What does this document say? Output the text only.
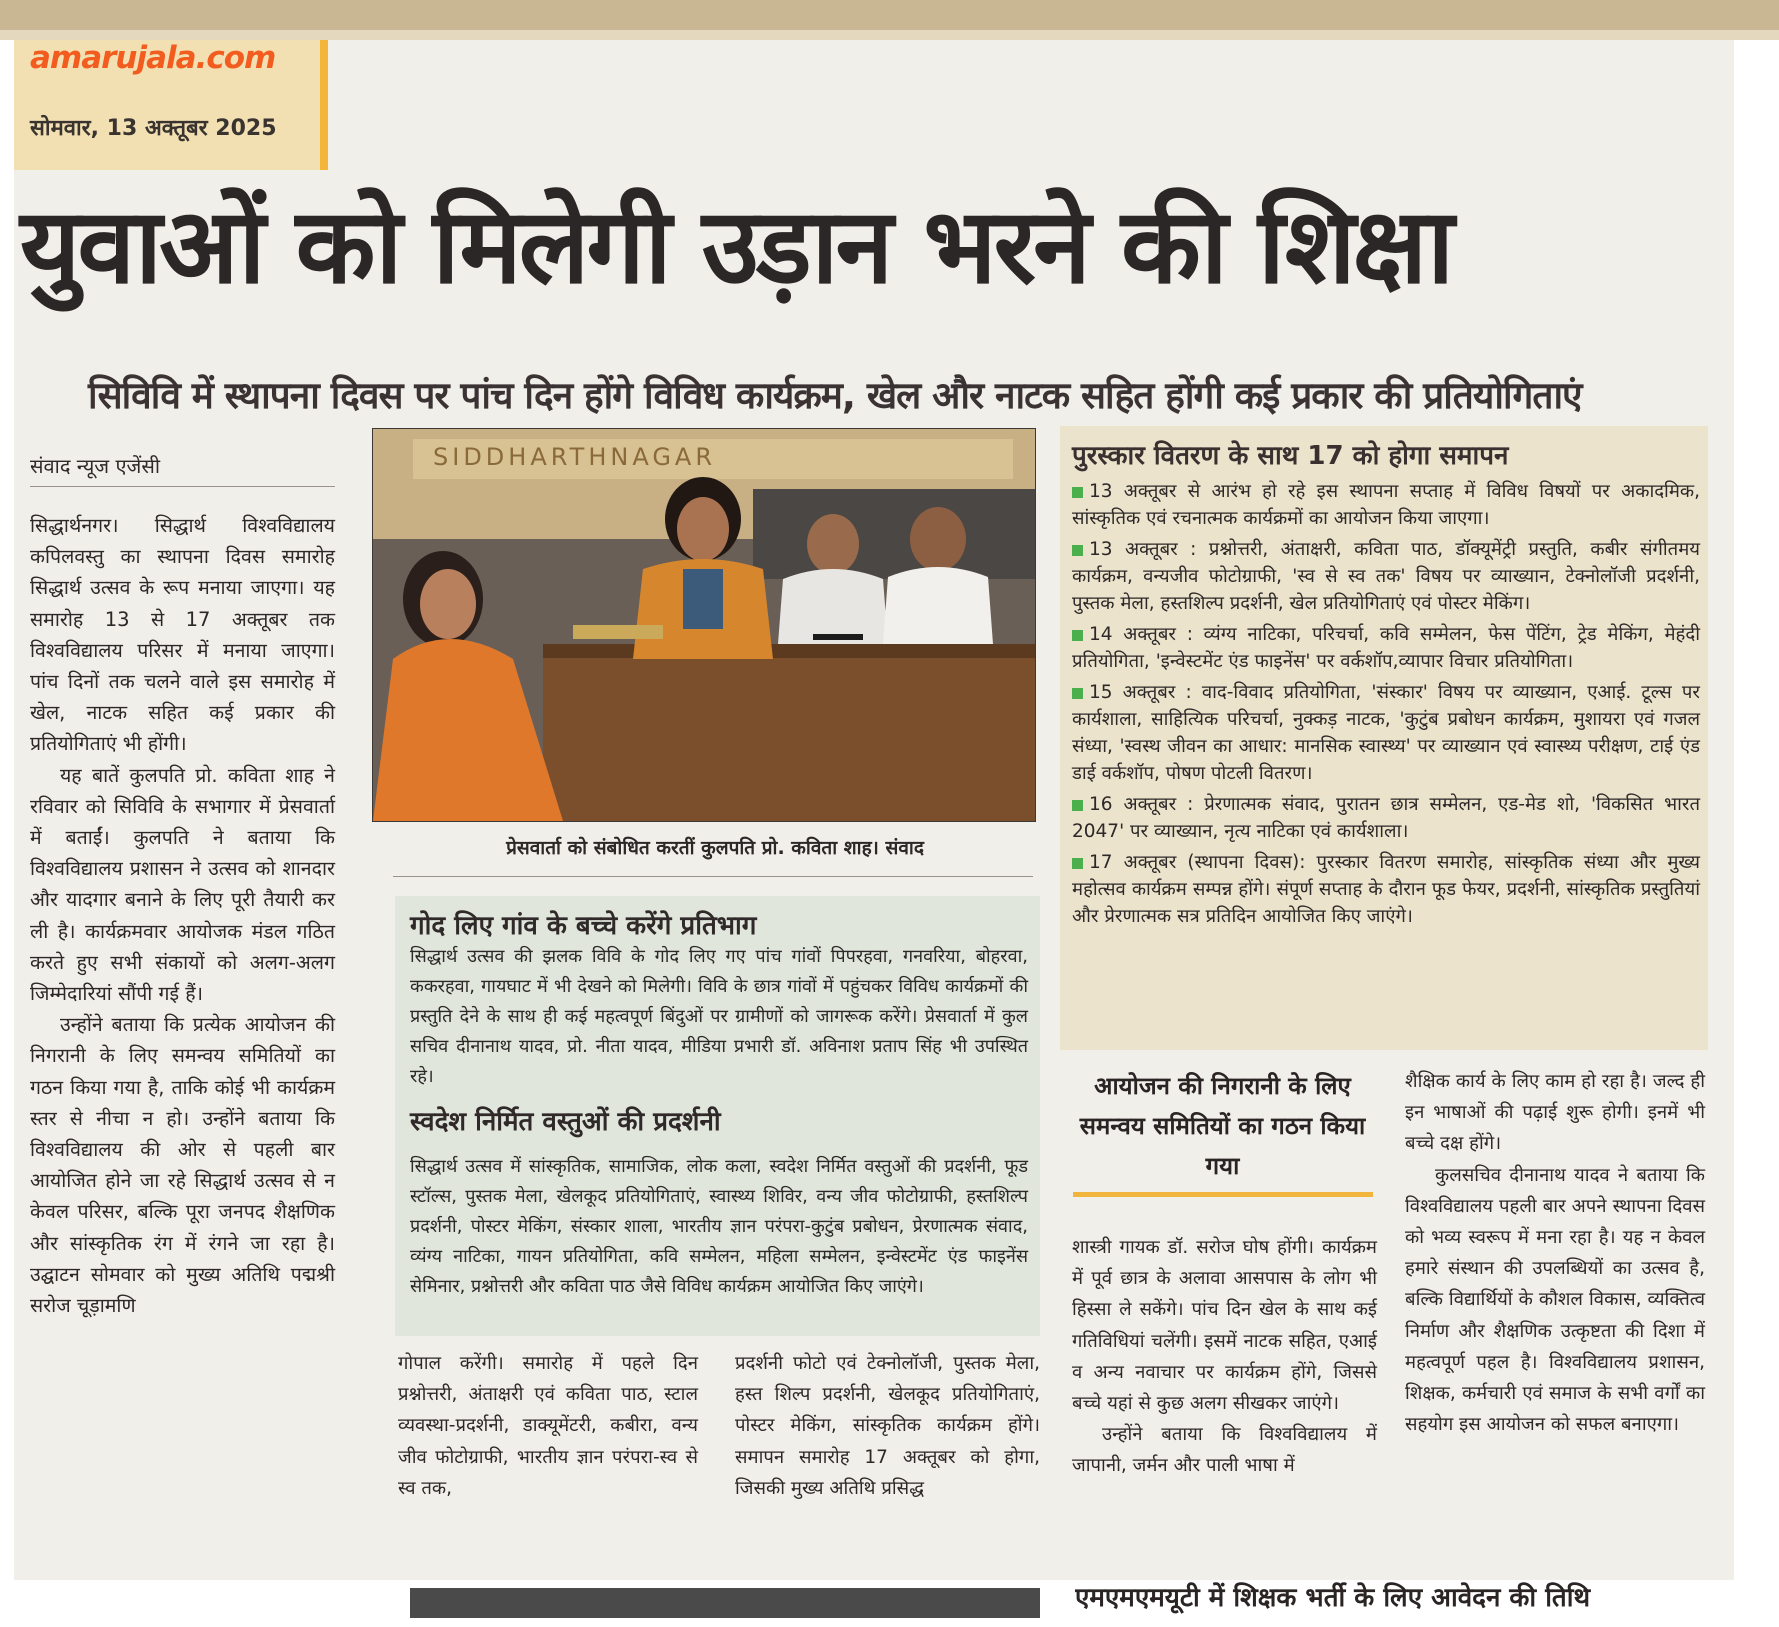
amarujala.com
सोमवार, 13 अक्तूबर 2025
युवाओं को मिलेगी उड़ान भरने की शिक्षा
सिविवि में स्थापना दिवस पर पांच दिन होंगे विविध कार्यक्रम, खेल और नाटक सहित होंगी कई प्रकार की प्रतियोगिताएं
संवाद न्यूज एजेंसी

सिद्धार्थनगर। सिद्धार्थ विश्वविद्यालय कपिलवस्तु का स्थापना दिवस समारोह सिद्धार्थ उत्सव के रूप मनाया जाएगा। यह समारोह 13 से 17 अक्तूबर तक विश्वविद्यालय परिसर में मनाया जाएगा। पांच दिनों तक चलने वाले इस समारोह में खेल, नाटक सहित कई प्रकार की प्रतियोगिताएं भी होंगी।

यह बातें कुलपति प्रो. कविता शाह ने रविवार को सिविवि के सभागार में प्रेसवार्ता में बताईं। कुलपति ने बताया कि विश्वविद्यालय प्रशासन ने उत्सव को शानदार और यादगार बनाने के लिए पूरी तैयारी कर ली है। कार्यक्रमवार आयोजक मंडल गठित करते हुए सभी संकायों को अलग-अलग जिम्मेदारियां सौंपी गई हैं।

उन्होंने बताया कि प्रत्येक आयोजन की निगरानी के लिए समन्वय समितियों का गठन किया गया है, ताकि कोई भी कार्यक्रम स्तर से नीचा न हो। उन्होंने बताया कि विश्वविद्यालय की ओर से पहली बार आयोजित होने जा रहे सिद्धार्थ उत्सव से न केवल परिसर, बल्कि पूरा जनपद शैक्षणिक और सांस्कृतिक रंग में रंगने जा रहा है। उद्घाटन सोमवार को मुख्य अतिथि पद्मश्री सरोज चूड़ामणि

SIDDHARTHNAGAR
प्रेसवार्ता को संबोधित करतीं कुलपति प्रो. कविता शाह। संवाद
गोद लिए गांव के बच्चे करेंगे प्रतिभाग
सिद्धार्थ उत्सव की झलक विवि के गोद लिए गए पांच गांवों पिपरहवा, गनवरिया, बोहरवा, ककरहवा, गायघाट में भी देखने को मिलेगी। विवि के छात्र गांवों में पहुंचकर विविध कार्यक्रमों की प्रस्तुति देने के साथ ही कई महत्वपूर्ण बिंदुओं पर ग्रामीणों को जागरूक करेंगे। प्रेसवार्ता में कुल सचिव दीनानाथ यादव, प्रो. नीता यादव, मीडिया प्रभारी डॉ. अविनाश प्रताप सिंह भी उपस्थित रहे।
स्वदेश निर्मित वस्तुओं की प्रदर्शनी
सिद्धार्थ उत्सव में सांस्कृतिक, सामाजिक, लोक कला, स्वदेश निर्मित वस्तुओं की प्रदर्शनी, फूड स्टॉल्स, पुस्तक मेला, खेलकूद प्रतियोगिताएं, स्वास्थ्य शिविर, वन्य जीव फोटोग्राफी, हस्तशिल्प प्रदर्शनी, पोस्टर मेकिंग, संस्कार शाला, भारतीय ज्ञान परंपरा-कुटुंब प्रबोधन, प्रेरणात्मक संवाद, व्यंग्य नाटिका, गायन प्रतियोगिता, कवि सम्मेलन, महिला सम्मेलन, इन्वेस्टमेंट एंड फाइनेंस सेमिनार, प्रश्नोत्तरी और कविता पाठ जैसे विविध कार्यक्रम आयोजित किए जाएंगे।
गोपाल करेंगी। समारोह में पहले दिन प्रश्नोत्तरी, अंताक्षरी एवं कविता पाठ, स्टाल व्यवस्था-प्रदर्शनी, डाक्यूमेंटरी, कबीरा, वन्य जीव फोटोग्राफी, भारतीय ज्ञान परंपरा-स्व से स्व तक,
प्रदर्शनी फोटो एवं टेक्नोलॉजी, पुस्तक मेला, हस्त शिल्प प्रदर्शनी, खेलकूद प्रतियोगिताएं, पोस्टर मेकिंग, सांस्कृतिक कार्यक्रम होंगे। समापन समारोह 17 अक्तूबर को होगा, जिसकी मुख्य अतिथि प्रसिद्ध
पुरस्कार वितरण के साथ 17 को होगा समापन
13 अक्तूबर से आरंभ हो रहे इस स्थापना सप्ताह में विविध विषयों पर अकादमिक, सांस्कृतिक एवं रचनात्मक कार्यक्रमों का आयोजन किया जाएगा।
13 अक्तूबर : प्रश्नोत्तरी, अंताक्षरी, कविता पाठ, डॉक्यूमेंट्री प्रस्तुति, कबीर संगीतमय कार्यक्रम, वन्यजीव फोटोग्राफी, 'स्व से स्व तक' विषय पर व्याख्यान, टेक्नोलॉजी प्रदर्शनी, पुस्तक मेला, हस्तशिल्प प्रदर्शनी, खेल प्रतियोगिताएं एवं पोस्टर मेकिंग।
14 अक्तूबर : व्यंग्य नाटिका, परिचर्चा, कवि सम्मेलन, फेस पेंटिंग, ट्रेड मेकिंग, मेहंदी प्रतियोगिता, 'इन्वेस्टमेंट एंड फाइनेंस' पर वर्कशॉप,व्यापार विचार प्रतियोगिता।
15 अक्तूबर : वाद-विवाद प्रतियोगिता, 'संस्कार' विषय पर व्याख्यान, एआई. टूल्स पर कार्यशाला, साहित्यिक परिचर्चा, नुक्कड़ नाटक, 'कुटुंब प्रबोधन कार्यक्रम, मुशायरा एवं गजल संध्या, 'स्वस्थ जीवन का आधार: मानसिक स्वास्थ्य' पर व्याख्यान एवं स्वास्थ्य परीक्षण, टाई एंड डाई वर्कशॉप, पोषण पोटली वितरण।
16 अक्तूबर : प्रेरणात्मक संवाद, पुरातन छात्र सम्मेलन, एड-मेड शो, 'विकसित भारत 2047' पर व्याख्यान, नृत्य नाटिका एवं कार्यशाला।
17 अक्तूबर (स्थापना दिवस): पुरस्कार वितरण समारोह, सांस्कृतिक संध्या और मुख्य महोत्सव कार्यक्रम सम्पन्न होंगे। संपूर्ण सप्ताह के दौरान फूड फेयर, प्रदर्शनी, सांस्कृतिक प्रस्तुतियां और प्रेरणात्मक सत्र प्रतिदिन आयोजित किए जाएंगे।
आयोजन की निगरानी के लिए समन्वय समितियों का गठन किया गया

शास्त्री गायक डॉ. सरोज घोष होंगी। कार्यक्रम में पूर्व छात्र के अलावा आसपास के लोग भी हिस्सा ले सकेंगे। पांच दिन खेल के साथ कई गतिविधियां चलेंगी। इसमें नाटक सहित, एआई व अन्य नवाचार पर कार्यक्रम होंगे, जिससे बच्चे यहां से कुछ अलग सीखकर जाएंगे।

उन्होंने बताया कि विश्वविद्यालय में जापानी, जर्मन और पाली भाषा में

शैक्षिक कार्य के लिए काम हो रहा है। जल्द ही इन भाषाओं की पढ़ाई शुरू होगी। इनमें भी बच्चे दक्ष होंगे।

कुलसचिव दीनानाथ यादव ने बताया कि विश्वविद्यालय पहली बार अपने स्थापना दिवस को भव्य स्वरूप में मना रहा है। यह न केवल हमारे संस्थान की उपलब्धियों का उत्सव है, बल्कि विद्यार्थियों के कौशल विकास, व्यक्तित्व निर्माण और शैक्षणिक उत्कृष्टता की दिशा में महत्वपूर्ण पहल है। विश्वविद्यालय प्रशासन, शिक्षक, कर्मचारी एवं समाज के सभी वर्गों का सहयोग इस आयोजन को सफल बनाएगा।

एमएमएमयूटी में शिक्षक भर्ती के लिए आवेदन की तिथि
